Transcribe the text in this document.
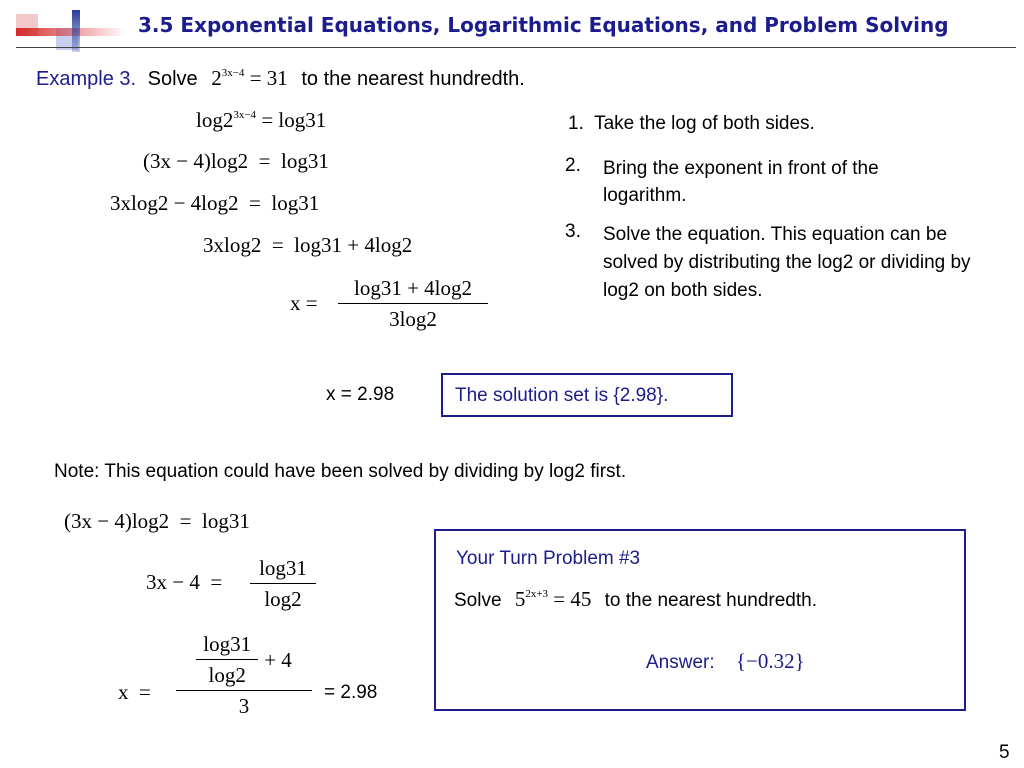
3.5 Exponential Equations, Logarithmic Equations, and Problem Solving
Example 3. Solve $2^{3x-4} = 31$ to the nearest hundredth.
$\log 2^{3x-4} = \log 31$
(3x − 4)log2  =  log31
3xlog2 − 4log2  =  log31
3xlog2  =  log31 + 4log2
x =
log31 + 4log2
3log2
1. Take the log of both sides.
2.	Bring the exponent in front of the logarithm.
3.	Solve the equation. This equation can be solved by distributing the log2 or dividing by log2 on both sides.
x = 2.98	The solution set is {2.98}.
Note: This equation could have been solved by dividing by log2 first.
(3x − 4)log2  =  log31
3x − 4  =
log31
log2
x  =
$\frac{\log 31}{\log 2} + 4$
3
= 2.98
Your Turn Problem #3
Solve $5^{2x+3} = 45$ to the nearest hundredth.
Answer: {−0.32}
5
